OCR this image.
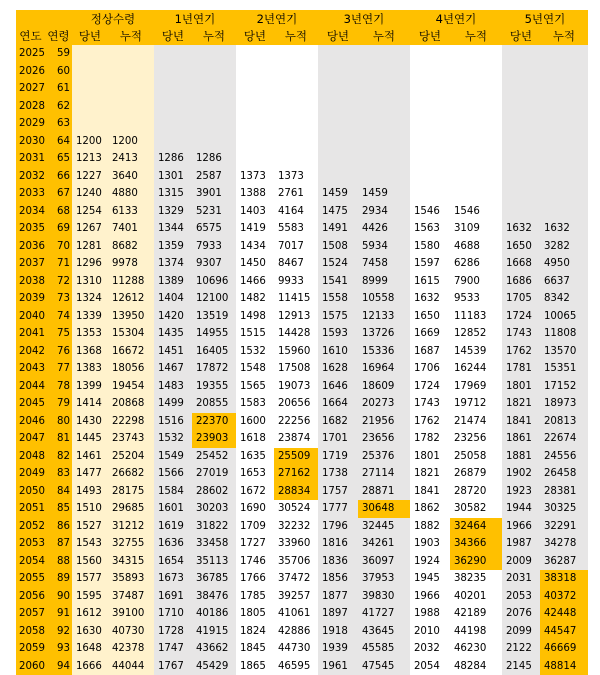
		정상수령		1년연기		2년연기		3년연기		4년연기		5년연기	
연도	연령	당년	누적	당년	누적	당년	누적	당년	누적	당년	누적	당년	누적
2025	59												
2026	60												
2027	61												
2028	62												
2029	63												
2030	64	1200	1200										
2031	65	1213	2413	1286	1286								
2032	66	1227	3640	1301	2587	1373	1373						
2033	67	1240	4880	1315	3901	1388	2761	1459	1459				
2034	68	1254	6133	1329	5231	1403	4164	1475	2934	1546	1546		
2035	69	1267	7401	1344	6575	1419	5583	1491	4426	1563	3109	1632	1632
2036	70	1281	8682	1359	7933	1434	7017	1508	5934	1580	4688	1650	3282
2037	71	1296	9978	1374	9307	1450	8467	1524	7458	1597	6286	1668	4950
2038	72	1310	11288	1389	10696	1466	9933	1541	8999	1615	7900	1686	6637
2039	73	1324	12612	1404	12100	1482	11415	1558	10558	1632	9533	1705	8342
2040	74	1339	13950	1420	13519	1498	12913	1575	12133	1650	11183	1724	10065
2041	75	1353	15304	1435	14955	1515	14428	1593	13726	1669	12852	1743	11808
2042	76	1368	16672	1451	16405	1532	15960	1610	15336	1687	14539	1762	13570
2043	77	1383	18056	1467	17872	1548	17508	1628	16964	1706	16244	1781	15351
2044	78	1399	19454	1483	19355	1565	19073	1646	18609	1724	17969	1801	17152
2045	79	1414	20868	1499	20855	1583	20656	1664	20273	1743	19712	1821	18973
2046	80	1430	22298	1516	22370	1600	22256	1682	21956	1762	21474	1841	20813
2047	81	1445	23743	1532	23903	1618	23874	1701	23656	1782	23256	1861	22674
2048	82	1461	25204	1549	25452	1635	25509	1719	25376	1801	25058	1881	24556
2049	83	1477	26682	1566	27019	1653	27162	1738	27114	1821	26879	1902	26458
2050	84	1493	28175	1584	28602	1672	28834	1757	28871	1841	28720	1923	28381
2051	85	1510	29685	1601	30203	1690	30524	1777	30648	1862	30582	1944	30325
2052	86	1527	31212	1619	31822	1709	32232	1796	32445	1882	32464	1966	32291
2053	87	1543	32755	1636	33458	1727	33960	1816	34261	1903	34366	1987	34278
2054	88	1560	34315	1654	35113	1746	35706	1836	36097	1924	36290	2009	36287
2055	89	1577	35893	1673	36785	1766	37472	1856	37953	1945	38235	2031	38318
2056	90	1595	37487	1691	38476	1785	39257	1877	39830	1966	40201	2053	40372
2057	91	1612	39100	1710	40186	1805	41061	1897	41727	1988	42189	2076	42448
2058	92	1630	40730	1728	41915	1824	42886	1918	43645	2010	44198	2099	44547
2059	93	1648	42378	1747	43662	1845	44730	1939	45585	2032	46230	2122	46669
2060	94	1666	44044	1767	45429	1865	46595	1961	47545	2054	48284	2145	48814
